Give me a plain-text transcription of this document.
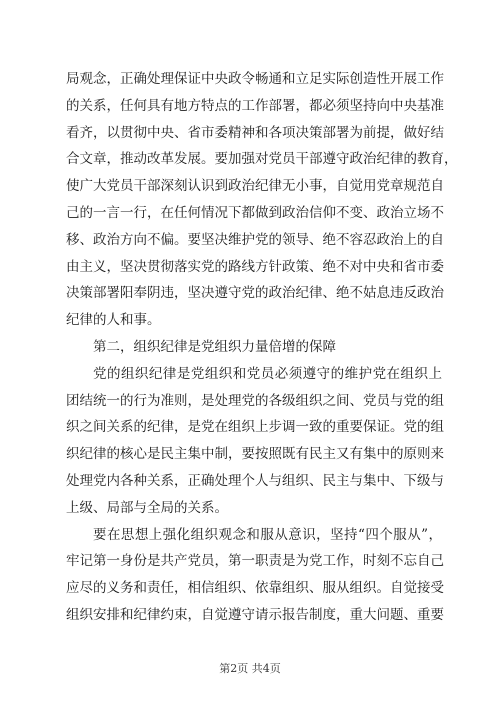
局观念，正确处理保证中央政令畅通和立足实际创造性开展工作
的关系，任何具有地方特点的工作部署，都必须坚持向中央基准
看齐，以贯彻中央、省市委精神和各项决策部署为前提，做好结
合文章，推动改革发展。要加强对党员干部遵守政治纪律的教育，
使广大党员干部深刻认识到政治纪律无小事，自觉用党章规范自
己的一言一行，在任何情况下都做到政治信仰不变、政治立场不
移、政治方向不偏。要坚决维护党的领导、绝不容忍政治上的自
由主义，坚决贯彻落实党的路线方针政策、绝不对中央和省市委
决策部署阳奉阴违，坚决遵守党的政治纪律、绝不姑息违反政治
纪律的人和事。

第二，组织纪律是党组织力量倍增的保障

党的组织纪律是党组织和党员必须遵守的维护党在组织上
团结统一的行为准则，是处理党的各级组织之间、党员与党的组
织之间关系的纪律，是党在组织上步调一致的重要保证。党的组
织纪律的核心是民主集中制，要按照既有民主又有集中的原则来
处理党内各种关系，正确处理个人与组织、民主与集中、下级与
上级、局部与全局的关系。

要在思想上强化组织观念和服从意识，坚持“四个服从”，
牢记第一身份是共产党员，第一职责是为党工作，时刻不忘自己
应尽的义务和责任，相信组织、依靠组织、服从组织。自觉接受
组织安排和纪律约束，自觉遵守请示报告制度，重大问题、重要

第2页 共4页
